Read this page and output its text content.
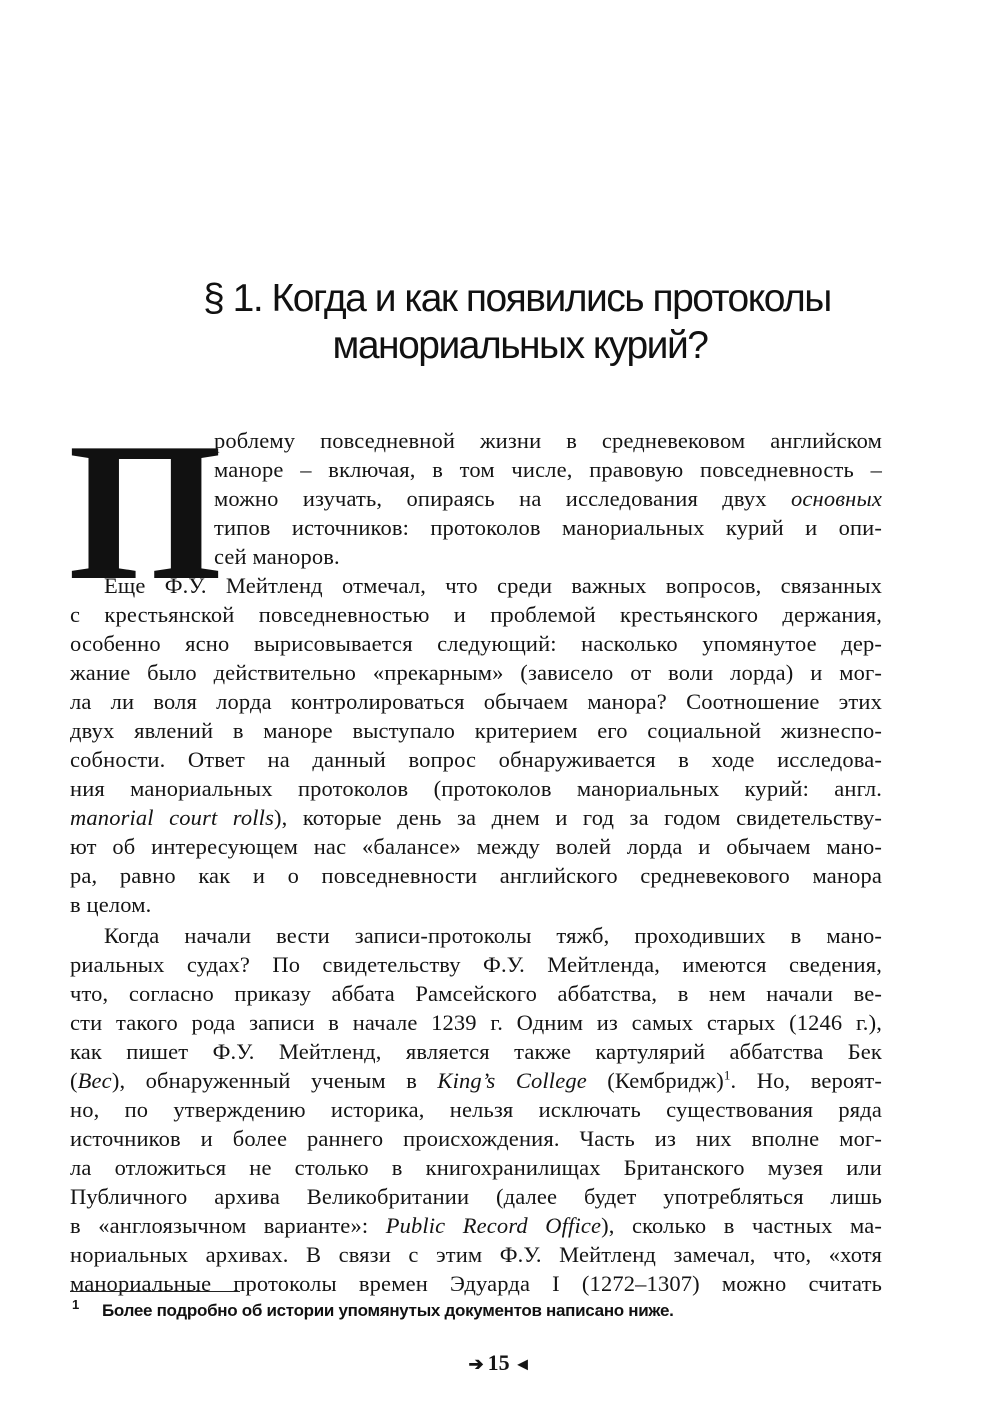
§ 1. Когда и как появились протоколы
манориальных курий?
П
роблему повседневной жизни в средневековом английском
маноре – включая, в том числе, правовую повседневность –
можно изучать, опираясь на исследования двух основных
типов источников: протоколов манориальных курий и опи-
сей маноров.
Еще Ф.У. Мейтленд отмечал, что среди важных вопросов, связанных
с крестьянской повседневностью и проблемой крестьянского держания,
особенно ясно вырисовывается следующий: насколько упомянутое дер-
жание было действительно «прекарным» (зависело от воли лорда) и мог-
ла ли воля лорда контролироваться обычаем манора? Соотношение этих
двух явлений в маноре выступало критерием его социальной жизнеспо-
собности. Ответ на данный вопрос обнаруживается в ходе исследова-
ния манориальных протоколов (протоколов манориальных курий: англ.
manorial court rolls), которые день за днем и год за годом свидетельству-
ют об интересующем нас «балансе» между волей лорда и обычаем мано-
ра, равно как и о повседневности английского средневекового манора
в целом.
Когда начали вести записи-протоколы тяжб, проходивших в мано-
риальных судах? По свидетельству Ф.У. Мейтленда, имеются сведения,
что, согласно приказу аббата Рамсейского аббатства, в нем начали ве-
сти такого рода записи в начале 1239 г. Одним из самых старых (1246 г.),
как пишет Ф.У. Мейтленд, является также картулярий аббатства Бек
(Bec), обнаруженный ученым в King’s College (Кембридж)$^1$. Но, вероят-
но, по утверждению историка, нельзя исключать существования ряда
источников и более раннего происхождения. Часть из них вполне мог-
ла отложиться не столько в книгохранилищах Британского музея или
Публичного архива Великобритании (далее будет употребляться лишь
в «англоязычном варианте»: Public Record Office), сколько в частных ма-
нориальных архивах. В связи с этим Ф.У. Мейтленд замечал, что, «хотя
манориальные протоколы времен Эдуарда I (1272–1307) можно считать
1 Более подробно об истории упомянутых документов написано ниже.
➔ 15 ◄
